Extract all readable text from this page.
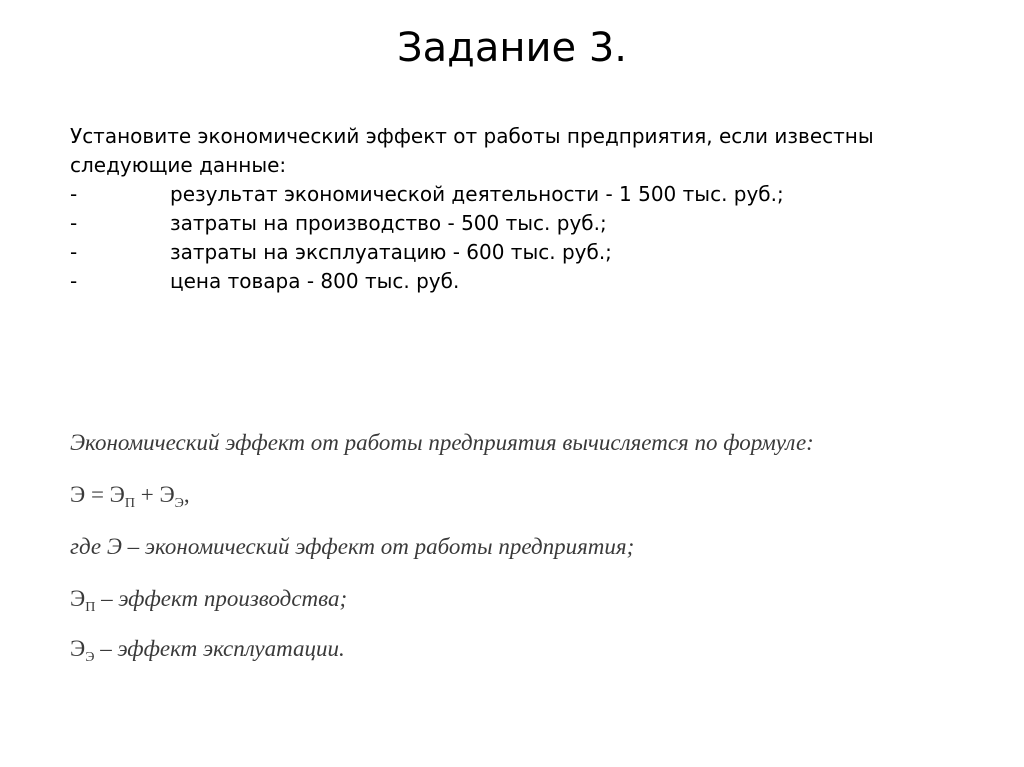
Задание 3.

Установите экономический эффект от работы предприятия, если известны следующие данные:

-	результат экономической деятельности - 1 500 тыс. руб.;
-	затраты на производство - 500 тыс. руб.;
-	затраты на эксплуатацию - 600 тыс. руб.;
-	цена товара - 800 тыс. руб.

Экономический эффект от работы предприятия вычисляется по формуле:

$Э = Э_П + Э_Э$,

где Э – экономический эффект от работы предприятия;

$Э_П$ – эффект производства;

$Э_Э$ – эффект эксплуатации.
